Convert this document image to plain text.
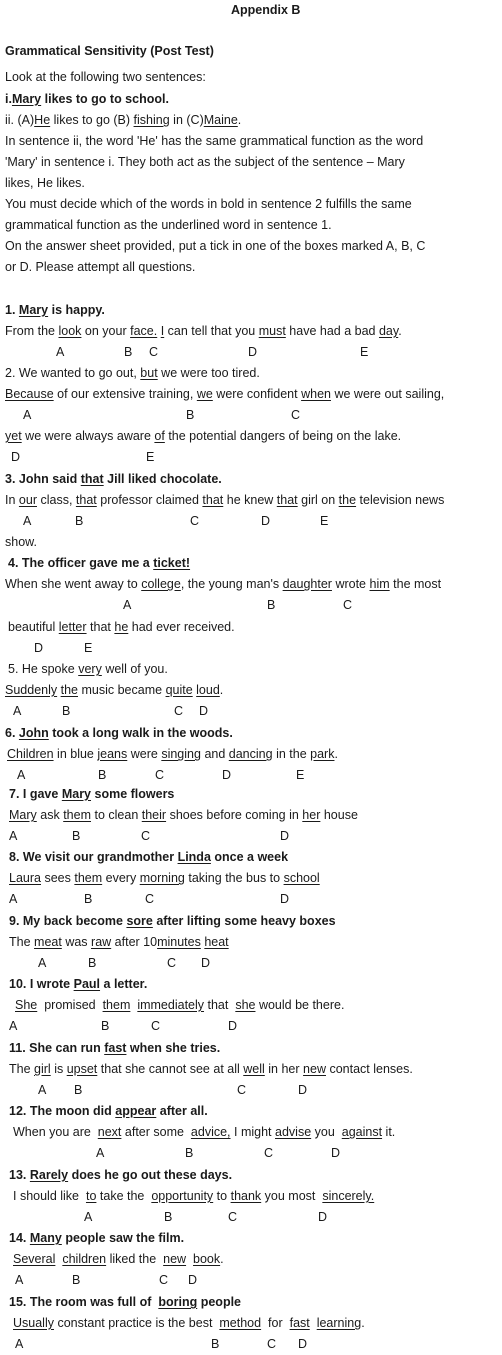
Appendix B
Grammatical Sensitivity (Post Test)
Look at the following two sentences:
i.Mary likes to go to school.
ii. (A)He likes to go (B) fishing in (C)Maine.
In sentence ii, the word 'He' has the same grammatical function as the word
'Mary' in sentence i. They both act as the subject of the sentence – Mary
likes, He likes.
You must decide which of the words in bold in sentence 2 fulfills the same
grammatical function as the underlined word in sentence 1.
On the answer sheet provided, put a tick in one of the boxes marked A, B, C
or D. Please attempt all questions.
1. Mary is happy.
From the look on your face. I can tell that you must have had a bad day.
A	B C	D	E
2. We wanted to go out, but we were too tired.
Because of our extensive training, we were confident when we were out sailing,
A	B	C
yet we were always aware of the potential dangers of being on the lake.
D	E
3. John said that Jill liked chocolate.
In our class, that professor claimed that he knew that girl on the television news
A	B	C	D	E
show.
4. The officer gave me a ticket!
When she went away to college, the young man's daughter wrote him the most
A	B	C
beautiful letter that he had ever received.
D	E
5. He spoke very well of you.
Suddenly the music became quite loud.
A	B	C D
6. John took a long walk in the woods.
Children in blue jeans were singing and dancing in the park.
A	B	C	D	E
7. I gave Mary some flowers
Mary ask them to clean their shoes before coming in her house
A	B	C	D
8. We visit our grandmother Linda once a week
Laura sees them every morning taking the bus to school
A	B	C	D
9. My back become sore after lifting some heavy boxes
The meat was raw after 10minutes heat
A	B	C D
10. I wrote Paul a letter.
She promised them immediately that she would be there.
A	B	C	D
11. She can run fast when she tries.
The girl is upset that she cannot see at all well in her new contact lenses.
A B	C	D
12. The moon did appear after all.
When you are next after some advice, I might advise you against it.
A	B	C	D
13. Rarely does he go out these days.
I should like to take the opportunity to thank you most sincerely.
A	B	C	D
14. Many people saw the film.
Several children liked the new book.
A	B	C D
15. The room was full of boring people
Usually constant practice is the best method for fast learning.
A	B	C D
